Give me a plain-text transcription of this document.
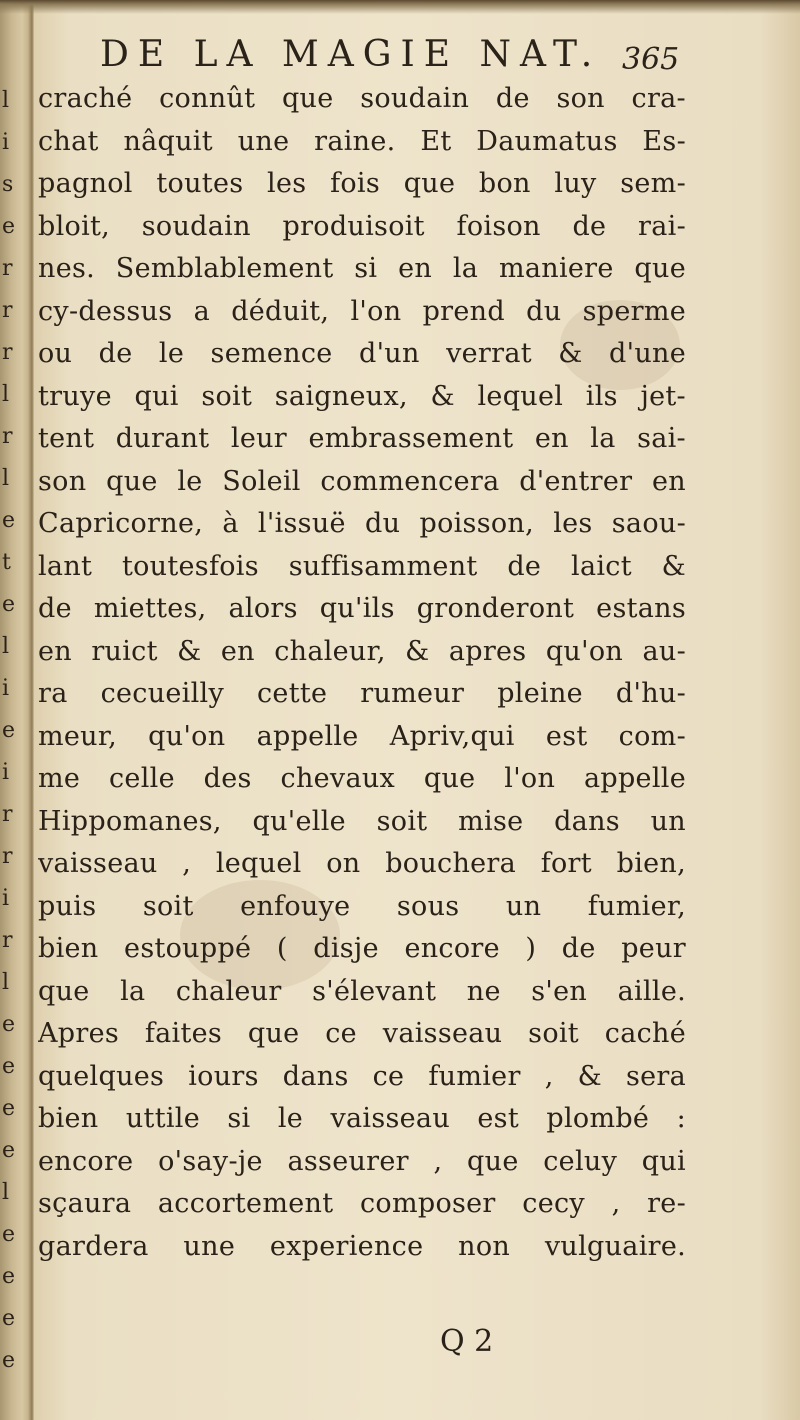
l
i
s
e
r
r
r
l
r
l
e
t
e
l
i
e
i
r
r
i
r
l
e
e
e
e
l
e
e
e
e
DE LA MAGIE NAT. 365
craché connût que soudain de son cra-
chat nâquit une raine. Et Daumatus Es-
pagnol toutes les fois que bon luy sem-
bloit, soudain produisoit foison de rai-
nes. Semblablement si en la maniere que
cy-dessus a déduit, l'on prend du sperme
ou de le semence d'un verrat & d'une
truye qui soit saigneux, & lequel ils jet-
tent durant leur embrassement en la sai-
son que le Soleil commencera d'entrer en
Capricorne, à l'issuë du poisson, les saou-
lant toutesfois suffisamment de laict &
de miettes, alors qu'ils gronderont estans
en ruict & en chaleur, & apres qu'on au-
ra cecueilly cette rumeur pleine d'hu-
meur, qu'on appelle Apriv,qui est com-
me celle des chevaux que l'on appelle
Hippomanes, qu'elle soit mise dans un
vaisseau , lequel on bouchera fort bien,
puis soit enfouye sous un fumier,
bien estouppé ( disje encore ) de peur
que la chaleur s'élevant ne s'en aille.
Apres faites que ce vaisseau soit caché
quelques iours dans ce fumier , & sera
bien uttile si le vaisseau est plombé :
encore o'say-je asseurer , que celuy qui
sçaura accortement composer cecy , re-
gardera une experience non vulguaire.
Q 2
